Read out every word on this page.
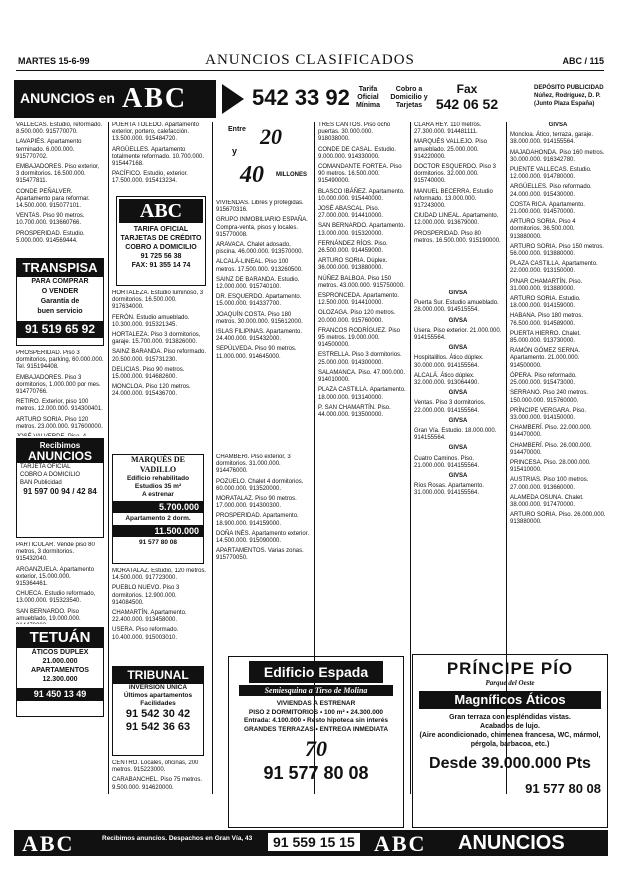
MARTES 15-6-99	ANUNCIOS CLASIFICADOS	ABC / 115
ANUNCIOS en ABC	542 33 92	Tarifa Oficial Mínima
Cobro a Domicilio y Tarjetas
Fax
542 06 52
DEPÓSITO PUBLICIDAD Núñez, Rodríguez, D. P. (Junto Plaza España)

VALLECAS. Estudio, reformado. 8.500.000. 915770070.

LAVAPIÉS. Apartamento terminado. 6.000.000. 915770702.

EMBAJADORES. Piso exterior, 3 dormitorios. 16.500.000. 915477811.

CONDE PEÑALVER. Apartamento para reformar. 14.500.000. 915077101.

VENTAS. Piso 90 metros. 10.700.000. 913660766.

PROSPERIDAD. Estudio. 5.000.000. 914569444.

TRANSPISA
PARA COMPRAR
O VENDER
Garantía de
buen servicio
91 519 65 92

PROSPERIDAD. Piso 3 dormitorios, parking, 60.000.000. Tel. 915194408.

EMBAJADORES. Piso 3 dormitorios, 1.000.000 por mes. 914770766.

RETIRO. Exterior, piso 100 metros. 12.000.000. 914300401.

ARTURO SORIA. Piso 120 metros. 23.000.000. 917600000.

Recibimos
ANUNCIOS
TARJETA OFICIAL
COBRO A DOMICILIO
BAN Publicidad
91 597 00 94 / 42 84

PARTICULAR. Vende piso 80 metros, 3 dormitorios. 915432040.

ARGANZUELA. Apartamento exterior, 15.000.000. 915364461.

CHUECA. Estudio reformado, 13.000.000. 915323540.

SAN BERNARDO. Piso amueblado, 19.000.000.

TETUÁN
ÁTICOS DÚPLEX
21.000.000
APARTAMENTOS
12.300.000
91 450 13 49

PUERTA TOLEDO. Apartamento exterior, portero, calefacción. 13.500.000. 915484720.

ARGÜELLES. Apartamento totalmente reformado. 10.700.000. 915447168.

PACÍFICO. Estudio, exterior. 17.500.000. 915413234.

ABC
TARIFA OFICIAL
TARJETAS DE CRÉDITO
COBRO A DOMICILIO
91 725 56 38
FAX: 91 355 14 74

HORTALEZA. Estudio luminoso, 3 dormitorios. 16.500.000. 917634000.

FERÓN. Estudio amueblado. 10.300.000. 915321345.

HORTALEZA. Piso 3 dormitorios, garaje. 15.700.000. 913826000.

SAINZ BARANDA. Piso reformado. 20.500.000. 915731230.

DELICIAS. Piso 90 metros. 15.000.000. 914682600.

MONCLOA. Piso 120 metros. 24.000.000. 915436700.

MARQUÉS DE VADILLO
Edificio rehabilitado
Estudios 35 m²
A estrenar
5.700.000
Apartamento 2 dorm.
11.500.000
91 577 80 08

MORATALAZ. Estudio, 120 metros. 14.500.000. 917723000.

PUEBLO NUEVO. Piso 3 dormitorios. 12.900.000. 914084500.

CHAMARTÍN. Apartamento. 22.400.000. 913458000.

USERA. Piso reformado. 10.400.000. 915003010.

TRIBUNAL
INVERSIÓN ÚNICA
Últimos apartamentos
Facilidades
91 542 30 42
91 542 36 63

CENTRO. Locales, oficinas, 200 metros. 915223000.

CARABANCHEL. Piso 75 metros. 9.500.000. 914620000.

Entre 20
y
40 MILLONES

VIVIENDAS. Libres y protegidas. 915670316.

GRUPO INMOBILIARIO ESPAÑA. Compra-venta, pisos y locales. 915770008.

ARAVACA. Chalet adosado, piscina. 46.000.000. 913570000.

ALCALÁ-LINEAL. Piso 100 metros. 17.500.000. 913260500.

SAINZ DE BARANDA. Estudio. 12.000.000. 915740100.

DR. ESQUERDO. Apartamento. 15.000.000. 914337700.

JOAQUÍN COSTA. Piso 180 metros. 30.000.000. 915612000.

ISLAS FILIPINAS. Apartamento. 24.400.000. 915432000.

SEPÚLVEDA. Piso 90 metros. 11.000.000. 914645000.

CHAMBERÍ. Piso exterior, 3 dormitorios. 31.000.000. 914476000.

POZUELO. Chalet 4 dormitorios. 60.000.000. 913520000.

MORATALAZ. Piso 90 metros. 17.000.000. 914300300.

PROSPERIDAD. Apartamento. 18.900.000. 914159000.

DOÑA INÉS. Apartamento exterior. 14.500.000. 915090000.

APARTAMENTOS. Varias zonas. 915770050.

TRES CANTOS. Piso ocho puertas. 30.000.000. 918038000.

CONDE DE CASAL. Estudio. 9.000.000. 914330000.

COMANDANTE FORTEA. Piso 90 metros. 16.500.000. 915490000.

BLASCO IBÁÑEZ. Apartamento. 10.000.000. 915440000.

JOSÉ ABASCAL. Piso. 27.000.000. 914410000.

SAN BERNARDO. Apartamento. 13.000.000. 915320000.

FERNÁNDEZ RÍOS. Piso. 26.500.000. 914459000.

ARTURO SORIA. Dúplex. 36.000.000. 913880000.

NÚÑEZ BALBOA. Piso 150 metros. 43.000.000. 915750000.

ESPRONCEDA. Apartamento. 12.500.000. 914410000.

OLOZAGA. Piso 120 metros. 20.000.000. 915760000.

FRANCOS RODRÍGUEZ. Piso 95 metros. 19.000.000. 914500000.

ESTRELLA. Piso 3 dormitorios. 25.000.000. 914300000.

SALAMANCA. Piso. 47.000.000. 914010000.

PLAZA CASTILLA. Apartamento. 18.000.000. 913140000.

P. SAN CHAMARTÍN. Piso. 44.000.000. 913500000.

CLARA REY. 110 metros. 27.300.000. 914481111.

MARQUÉS VALLEJO. Piso amueblado. 25.000.000. 914220000.

DOCTOR ESQUERDO. Piso 3 dormitorios. 32.000.000. 915740000.

MANUEL BECERRA. Estudio reformado. 13.000.000. 917243000.

CIUDAD LINEAL. Apartamento. 12.000.000. 913679000.

PROSPERIDAD. Piso 80 metros. 16.500.000. 915190000.

GIVSA

Puerta Sur. Estudio amueblado. 28.000.000. 914515554.

GIVSA

Usera. Piso exterior. 21.000.000. 914155564.

GIVSA

Hospitalillos. Ático dúplex. 30.000.000. 914155564.

ALCALÁ. Ático dúplex. 32.000.000. 913064490.

GIVSA

Ventas. Piso 3 dormitorios. 22.000.000. 914155564.

GIVSA

Gran Vía. Estudio. 18.000.000. 914155564.

GIVSA

Cuatro Caminos. Piso. 21.000.000. 914155564.

GIVSA

Ríos Rosas. Apartamento. 31.000.000. 914155564.

GIVSA

Moncloa. Ático, terraza, garaje. 38.000.000. 914155564.

MAJADAHONDA. Piso 160 metros. 30.000.000. 916342780.

PUENTE VALLECAS. Estudio. 12.000.000. 914780000.

ARGÜELLES. Piso reformado. 24.000.000. 915430000.

COSTA RICA. Apartamento. 21.000.000. 914570000.

ARTURO SORIA. Piso 4 dormitorios. 36.500.000. 913880000.

ARTURO SORIA. Piso 150 metros. 56.000.000. 913880000.

PLAZA CASTILLA. Apartamento. 22.000.000. 913150000.

PINAR CHAMARTÍN. Piso. 31.000.000. 913880000.

ARTURO SORIA. Estudio. 18.000.000. 914159000.

HABANA. Piso 180 metros. 76.500.000. 914589000.

PUERTA HIERRO. Chalet. 85.000.000. 913730000.

RAMÓN GÓMEZ SERNA. Apartamento. 21.000.000. 914500000.

ÓPERA. Piso reformado. 25.000.000. 915473000.

SERRANO. Piso 240 metros. 150.000.000. 915760000.

PRÍNCIPE VERGARA. Piso. 33.000.000. 914150000.

CHAMBERÍ. Piso. 22.000.000. 914470000.

CHAMBERÍ. Piso. 26.000.000. 914470000.

PRINCESA. Piso. 28.000.000. 915410000.

AUSTRIAS. Piso 100 metros. 27.000.000. 913660000.

ALAMEDA OSUNA. Chalet. 38.000.000. 917470000.

ARTURO SORIA. Piso. 26.000.000. 913880000.

Edificio Espada
Semiesquina a Tirso de Molina
VIVIENDAS A ESTRENAR
PISO 2 DORMITORIOS • 100 m² • 24.300.000
Entrada: 4.100.000 • Resto hipoteca sin interés
GRANDES TERRAZAS • ENTREGA INMEDIATA
70
91 577 80 08
PRÍNCIPE PÍO
Parque del Oeste
Magníficos Áticos
Gran terraza con espléndidas vistas.
Acabados de lujo.
(Aire acondicionado, chimenea francesa, WC, mármol, pérgola, barbacoa, etc.)
Desde 39.000.000 Pts
91 577 80 08
ABC	Recibimos anuncios. Despachos en Gran Vía, 43	91 559 15 15 ABC ANUNCIOS
